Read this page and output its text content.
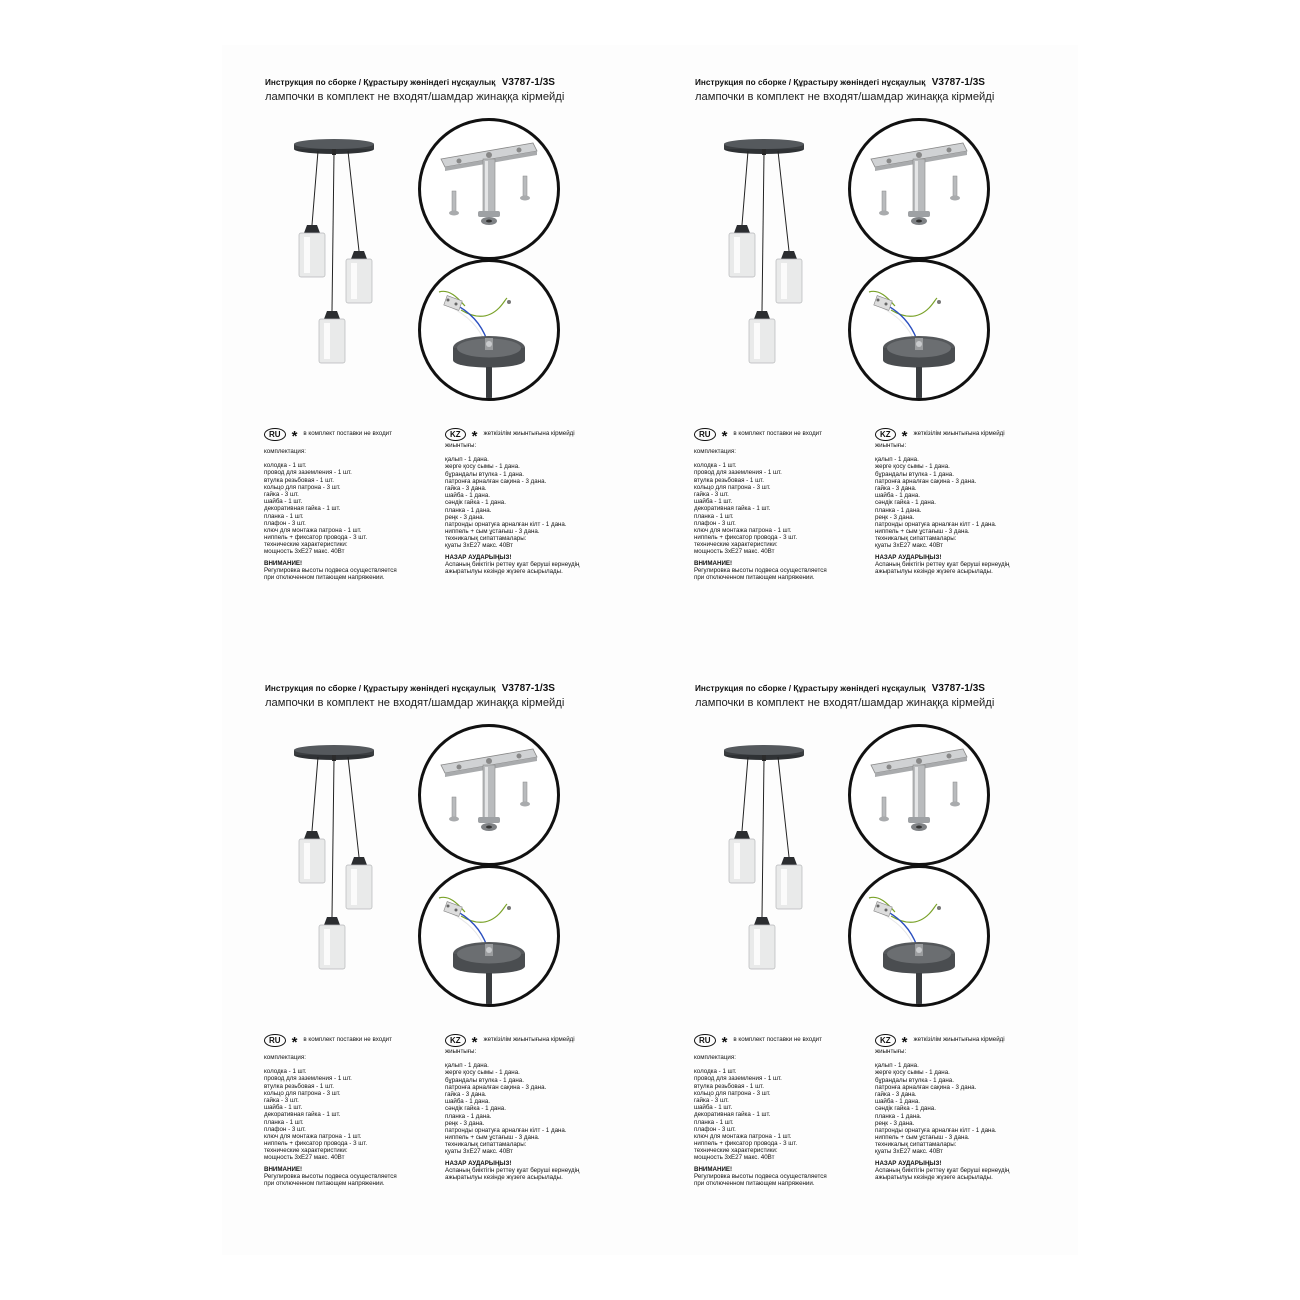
Инструкция по сборке / Құрастыру жөніндегі нұсқаулық V3787-1/3S
лампочки в комплект не входят/шамдар жинаққа кірмейді
RU * в комплект поставки не входит
комплектация:
колодка - 1 шт.
провод для заземления - 1 шт.
втулка резьбовая - 1 шт.
кольцо для патрона - 3 шт.
гайка - 3 шт.
шайба - 1 шт.
декоративная гайка - 1 шт.
планка - 1 шт.
плафон - 3 шт.
ключ для монтажа патрона - 1 шт.
ниппель + фиксатор провода - 3 шт.
технические характеристики:
мощность 3xE27 макс. 40Вт
ВНИМАНИЕ!
Регулировка высоты подвеса осуществляется
при отключенном питающем напряжении.
KZ * жеткізілім жиынтығына кірмейді
жиынтығы:
қалып - 1 дана.
жерге қосу сымы - 1 дана.
бұрандалы втулка - 1 дана.
патронға арналған сақина - 3 дана.
гайка - 3 дана.
шайба - 1 дана.
сәндік гайка - 1 дана.
планка - 1 дана.
реңк - 3 дана.
патронды орнатуға арналған кілт - 1 дана.
ниппель + сым ұстағыш - 3 дана.
техникалық сипаттамалары:
қуаты 3xE27 макс. 40Вт
НАЗАР АУДАРЫҢЫЗ!
Аспаның биіктігін реттеу қуат беруші кернеудің
ажыратылуы кезінде жүзеге асырылады.
Инструкция по сборке / Құрастыру жөніндегі нұсқаулық V3787-1/3S
лампочки в комплект не входят/шамдар жинаққа кірмейді
RU * в комплект поставки не входит
комплектация:
колодка - 1 шт.
провод для заземления - 1 шт.
втулка резьбовая - 1 шт.
кольцо для патрона - 3 шт.
гайка - 3 шт.
шайба - 1 шт.
декоративная гайка - 1 шт.
планка - 1 шт.
плафон - 3 шт.
ключ для монтажа патрона - 1 шт.
ниппель + фиксатор провода - 3 шт.
технические характеристики:
мощность 3xE27 макс. 40Вт
ВНИМАНИЕ!
Регулировка высоты подвеса осуществляется
при отключенном питающем напряжении.
KZ * жеткізілім жиынтығына кірмейді
жиынтығы:
қалып - 1 дана.
жерге қосу сымы - 1 дана.
бұрандалы втулка - 1 дана.
патронға арналған сақина - 3 дана.
гайка - 3 дана.
шайба - 1 дана.
сәндік гайка - 1 дана.
планка - 1 дана.
реңк - 3 дана.
патронды орнатуға арналған кілт - 1 дана.
ниппель + сым ұстағыш - 3 дана.
техникалық сипаттамалары:
қуаты 3xE27 макс. 40Вт
НАЗАР АУДАРЫҢЫЗ!
Аспаның биіктігін реттеу қуат беруші кернеудің
ажыратылуы кезінде жүзеге асырылады.
Инструкция по сборке / Құрастыру жөніндегі нұсқаулық V3787-1/3S
лампочки в комплект не входят/шамдар жинаққа кірмейді
RU * в комплект поставки не входит
комплектация:
колодка - 1 шт.
провод для заземления - 1 шт.
втулка резьбовая - 1 шт.
кольцо для патрона - 3 шт.
гайка - 3 шт.
шайба - 1 шт.
декоративная гайка - 1 шт.
планка - 1 шт.
плафон - 3 шт.
ключ для монтажа патрона - 1 шт.
ниппель + фиксатор провода - 3 шт.
технические характеристики:
мощность 3xE27 макс. 40Вт
ВНИМАНИЕ!
Регулировка высоты подвеса осуществляется
при отключенном питающем напряжении.
KZ * жеткізілім жиынтығына кірмейді
жиынтығы:
қалып - 1 дана.
жерге қосу сымы - 1 дана.
бұрандалы втулка - 1 дана.
патронға арналған сақина - 3 дана.
гайка - 3 дана.
шайба - 1 дана.
сәндік гайка - 1 дана.
планка - 1 дана.
реңк - 3 дана.
патронды орнатуға арналған кілт - 1 дана.
ниппель + сым ұстағыш - 3 дана.
техникалық сипаттамалары:
қуаты 3xE27 макс. 40Вт
НАЗАР АУДАРЫҢЫЗ!
Аспаның биіктігін реттеу қуат беруші кернеудің
ажыратылуы кезінде жүзеге асырылады.
Инструкция по сборке / Құрастыру жөніндегі нұсқаулық V3787-1/3S
лампочки в комплект не входят/шамдар жинаққа кірмейді
RU * в комплект поставки не входит
комплектация:
колодка - 1 шт.
провод для заземления - 1 шт.
втулка резьбовая - 1 шт.
кольцо для патрона - 3 шт.
гайка - 3 шт.
шайба - 1 шт.
декоративная гайка - 1 шт.
планка - 1 шт.
плафон - 3 шт.
ключ для монтажа патрона - 1 шт.
ниппель + фиксатор провода - 3 шт.
технические характеристики:
мощность 3xE27 макс. 40Вт
ВНИМАНИЕ!
Регулировка высоты подвеса осуществляется
при отключенном питающем напряжении.
KZ * жеткізілім жиынтығына кірмейді
жиынтығы:
қалып - 1 дана.
жерге қосу сымы - 1 дана.
бұрандалы втулка - 1 дана.
патронға арналған сақина - 3 дана.
гайка - 3 дана.
шайба - 1 дана.
сәндік гайка - 1 дана.
планка - 1 дана.
реңк - 3 дана.
патронды орнатуға арналған кілт - 1 дана.
ниппель + сым ұстағыш - 3 дана.
техникалық сипаттамалары:
қуаты 3xE27 макс. 40Вт
НАЗАР АУДАРЫҢЫЗ!
Аспаның биіктігін реттеу қуат беруші кернеудің
ажыратылуы кезінде жүзеге асырылады.
